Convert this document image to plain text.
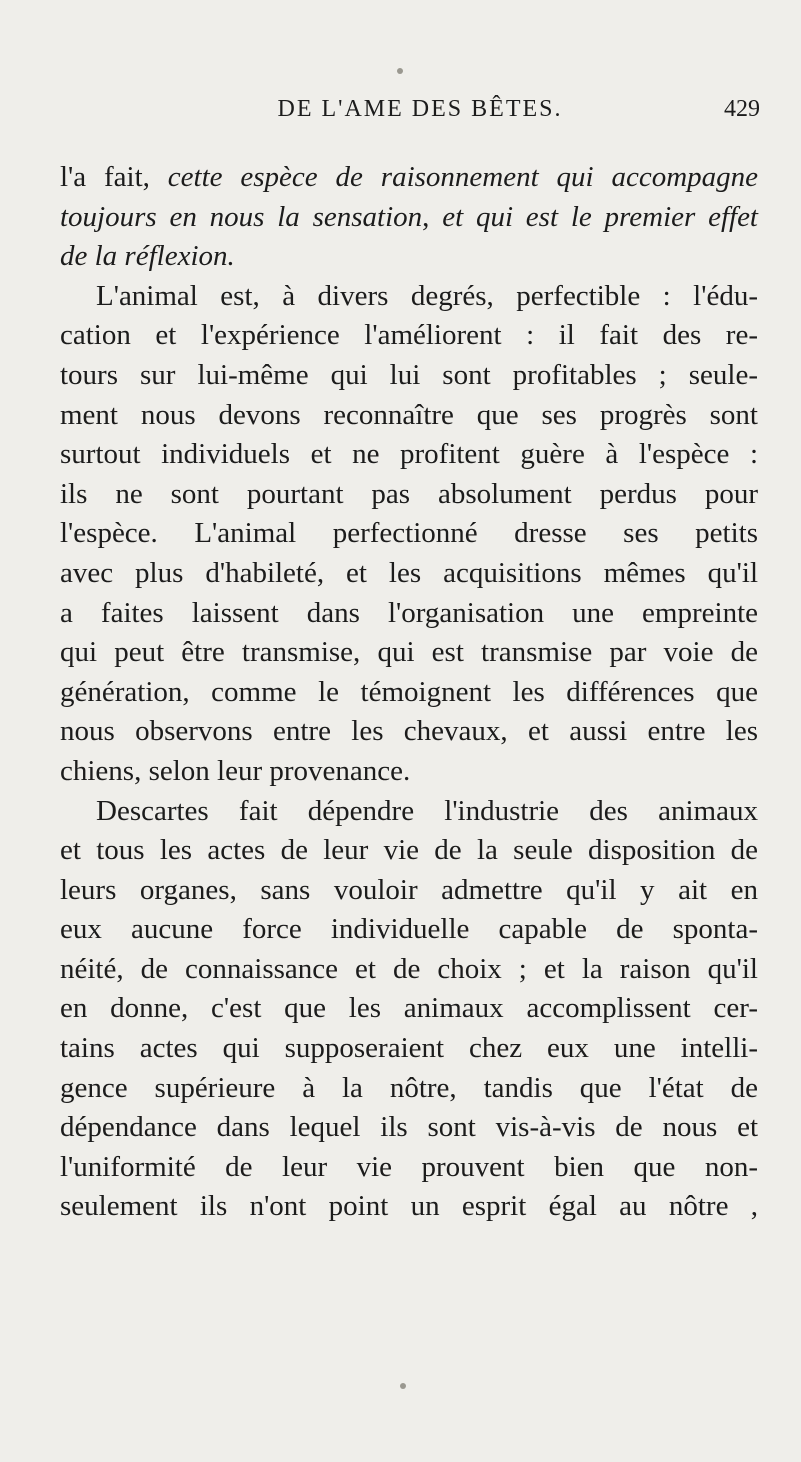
DE L'AME DES BÊTES.	429
l'a fait, cette espèce de raisonnement qui accompagne
toujours en nous la sensation, et qui est le premier effet
de la réflexion.
L'animal est, à divers degrés, perfectible : l'édu-
cation et l'expérience l'améliorent : il fait des re-
tours sur lui-même qui lui sont profitables ; seule-
ment nous devons reconnaître que ses progrès sont
surtout individuels et ne profitent guère à l'espèce :
ils ne sont pourtant pas absolument perdus pour
l'espèce. L'animal perfectionné dresse ses petits
avec plus d'habileté, et les acquisitions mêmes qu'il
a faites laissent dans l'organisation une empreinte
qui peut être transmise, qui est transmise par voie de
génération, comme le témoignent les différences que
nous observons entre les chevaux, et aussi entre les
chiens, selon leur provenance.
Descartes fait dépendre l'industrie des animaux
et tous les actes de leur vie de la seule disposition de
leurs organes, sans vouloir admettre qu'il y ait en
eux aucune force individuelle capable de sponta-
néité, de connaissance et de choix ; et la raison qu'il
en donne, c'est que les animaux accomplissent cer-
tains actes qui supposeraient chez eux une intelli-
gence supérieure à la nôtre, tandis que l'état de
dépendance dans lequel ils sont vis-à-vis de nous et
l'uniformité de leur vie prouvent bien que non-
seulement ils n'ont point un esprit égal au nôtre ,
